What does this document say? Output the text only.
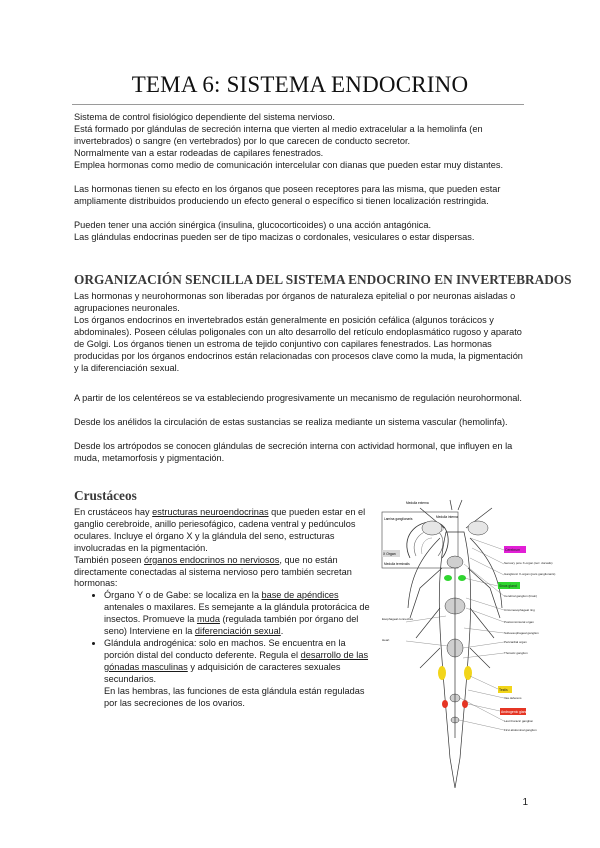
TEMA 6: SISTEMA ENDOCRINO

Sistema de control fisiológico dependiente del sistema nervioso.

Está formado por glándulas de secreción interna que vierten al medio extracelular a la hemolinfa (en invertebrados) o sangre (en vertebrados) por lo que carecen de conducto secretor.

Normalmente van a estar rodeadas de capilares fenestrados.

Emplea hormonas como medio de comunicación intercelular con dianas que pueden estar muy distantes.

Las hormonas tienen su efecto en los órganos que poseen receptores para las misma, que pueden estar ampliamente distribuidos produciendo un efecto general o específico si tienen localización restringida.

Pueden tener una acción sinérgica (insulina, glucocorticoides) o una acción antagónica.

Las glándulas endocrinas pueden ser de tipo macizas o cordonales, vesiculares o estar dispersas.

ORGANIZACIÓN SENCILLA DEL SISTEMA ENDOCRINO EN INVERTEBRADOS

Las hormonas y neurohormonas son liberadas por órganos de naturaleza epitelial o por neuronas aisladas o agrupaciones neuronales.

Los órganos endocrinos en invertebrados están generalmente en posición cefálica (algunos torácicos y abdominales). Poseen células poligonales con un alto desarrollo del retículo endoplasmático rugoso y aparato de Golgi. Los órganos tienen un estroma de tejido conjuntivo con capilares fenestrados. Las hormonas producidas por los órganos endocrinos están relacionadas con procesos clave como la muda, la pigmentación y la diferenciación sexual.

A partir de los celentéreos se va estableciendo progresivamente un mecanismo de regulación neurohormonal.

Desde los anélidos la circulación de estas sustancias se realiza mediante un sistema vascular (hemolinfa).

Desde los artrópodos se conocen glándulas de secreción interna con actividad hormonal, que influyen en la muda, metamorfosis y pigmentación.

Crustáceos

En crustáceos hay estructuras neuroendocrinas que pueden estar en el ganglio cerebroide, anillo periesofágico, cadena ventral y pedúnculos oculares. Incluye el órgano X y la glándula del seno, estructuras involucradas en la pigmentación.

También poseen órganos endocrinos no nerviosos, que no están directamente conectadas al sistema nervioso pero también secretan hormonas:

• Órgano Y o de Gabe: se localiza en la base de apéndices antenales o maxilares. Es semejante a la glándula protorácica de insectos. Promueve la muda (regulada también por órgano del seno) Interviene en la diferenciación sexual.
• Glándula androgénica: solo en machos. Se encuentra en la porción distal del conducto deferente. Regula el desarrollo de las gónadas masculinas y adquisición de caracteres sexuales secundarios.
En las hembras, las funciones de esta glándula están reguladas por las secreciones de los ovarios.
Medulla externa
Lamina ganglionaris	Medulla interna
X Organ
Medulla terminalis
Cerebrum
Sensory pore X-organ (terr. dorsalis)
Ganglionic X-organ (pars ganglionaris)
Sinus gland
Cerebral ganglion (brain)
Circumesophageal ring
Postcommisural organ
Suboesophageal ganglion
Pericardial organ
Thoracic ganglion
Testis
Vas deferens
Androgenic gland
Last thoracic ganglion
First abdominal ganglion
Esophageal connective
Heart
1
